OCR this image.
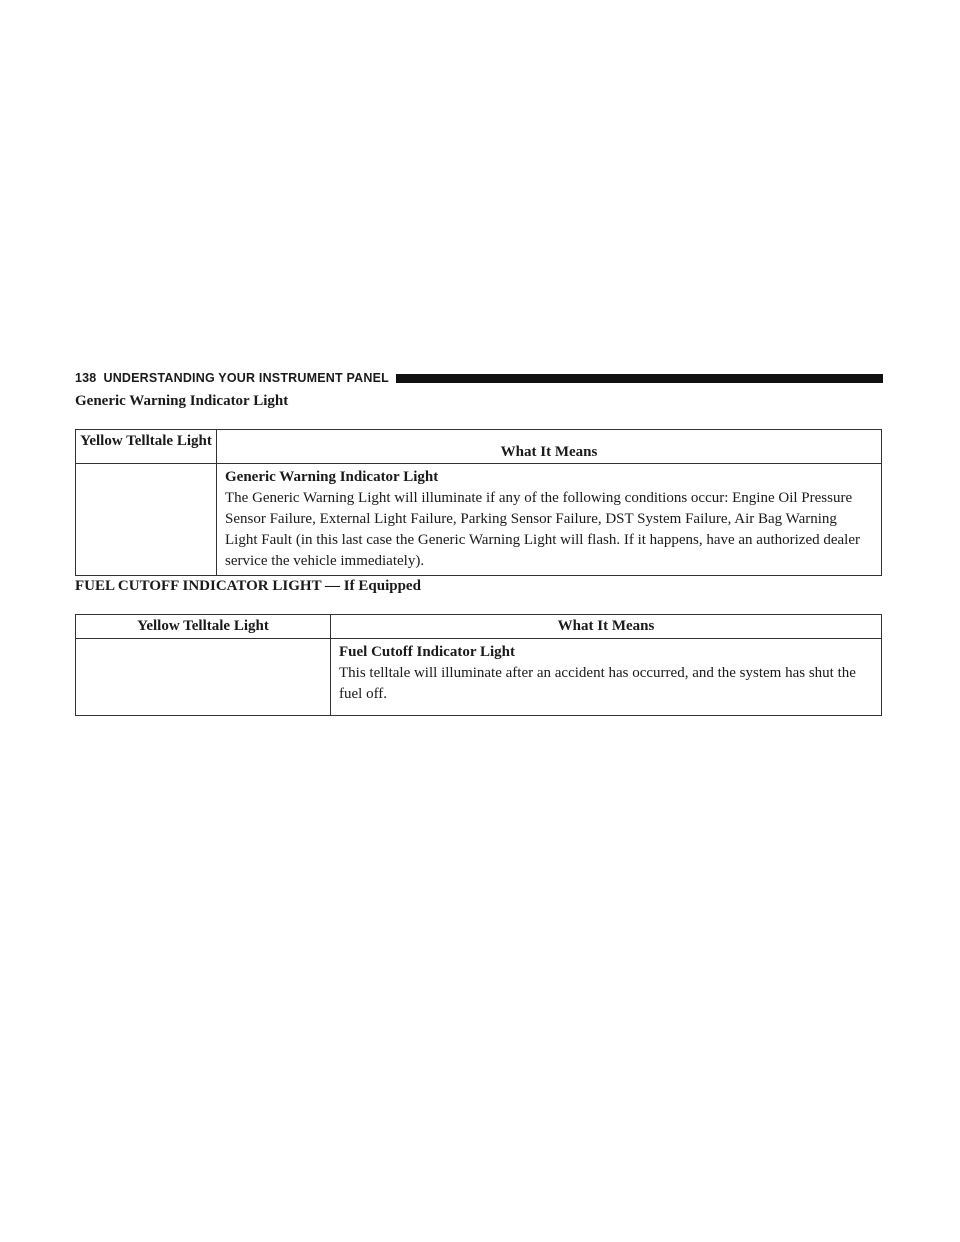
138 UNDERSTANDING YOUR INSTRUMENT PANEL
Generic Warning Indicator Light
Yellow Telltale Light	What It Means

	Generic Warning Indicator Light
The Generic Warning Light will illuminate if any of the following conditions occur: Engine Oil Pressure Sensor Failure, External Light Failure, Parking Sensor Failure, DST System Failure, Air Bag Warning Light Fault (in this last case the Generic Warning Light will flash. If it happens, have an authorized dealer service the vehicle immediately).
FUEL CUTOFF INDICATOR LIGHT — If Equipped
Yellow Telltale Light	What It Means

	Fuel Cutoff Indicator Light
This telltale will illuminate after an accident has occurred, and the system has shut the fuel off.
